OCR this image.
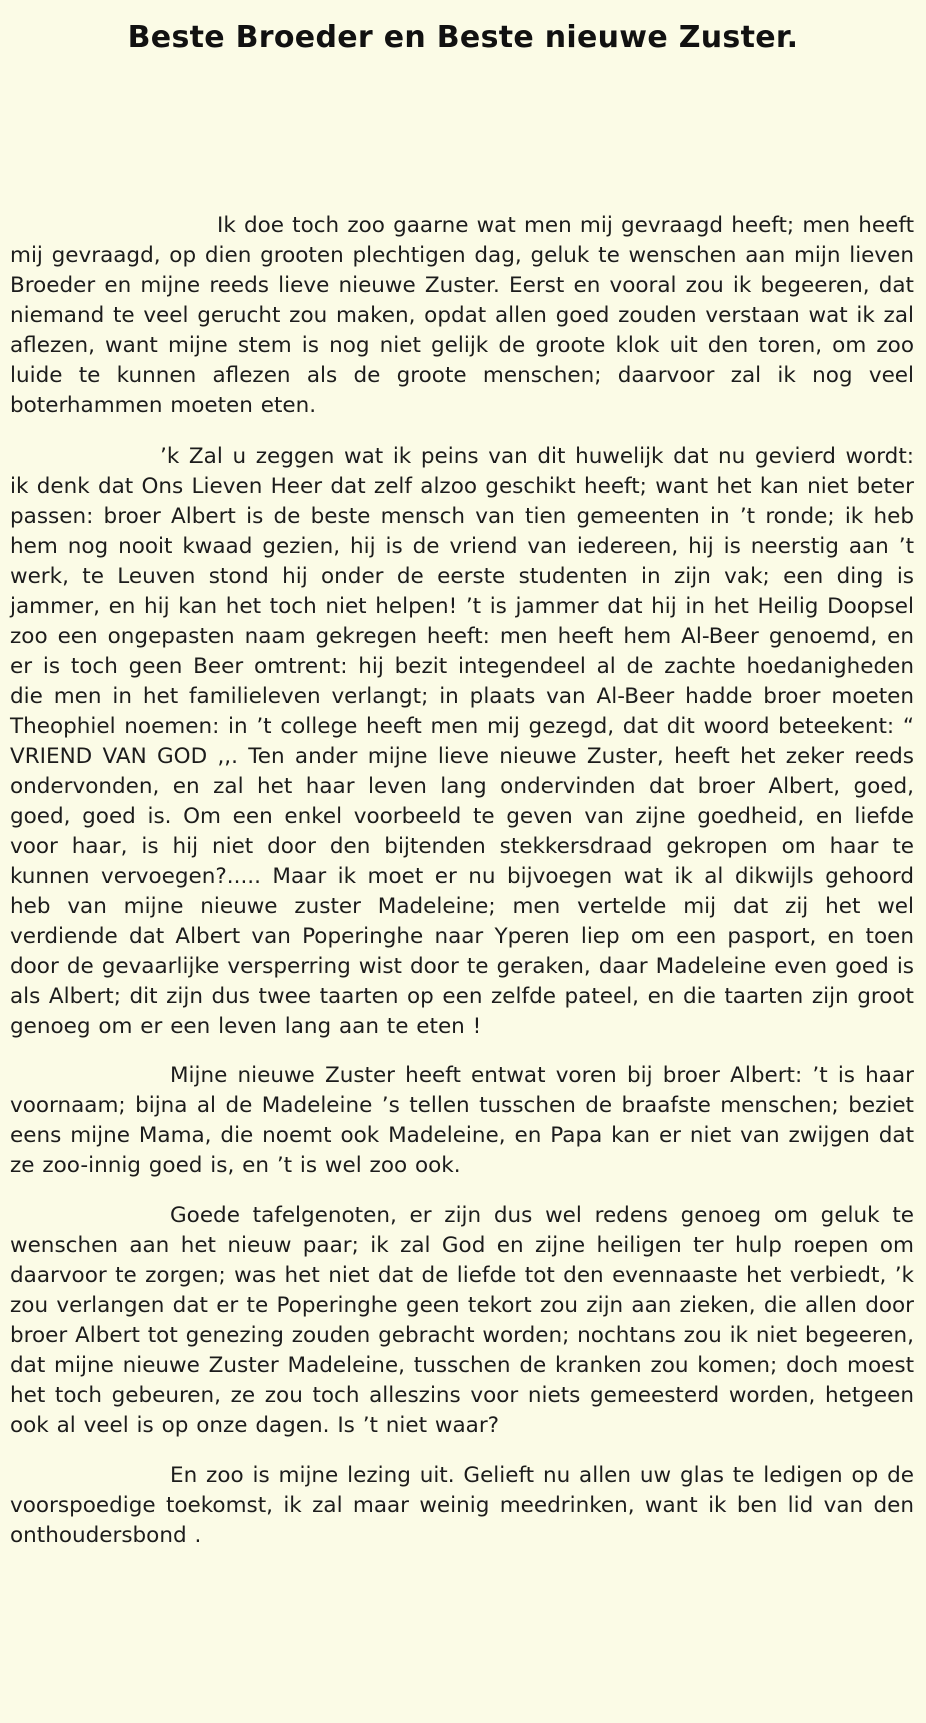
Beste Broeder en Beste nieuwe Zuster.

Ik doe toch zoo gaarne wat men mij gevraagd heeft; men heeft mij gevraagd, op dien grooten plechtigen dag, geluk te wenschen aan mijn lieven Broeder en mijne reeds lieve nieuwe Zuster. Eerst en vooral zou ik begeeren, dat niemand te veel gerucht zou maken, opdat allen goed zouden verstaan wat ik zal aflezen, want mijne stem is nog niet gelijk de groote klok uit den toren, om zoo luide te kunnen aflezen als de groote menschen; daarvoor zal ik nog veel boterhammen moeten eten.

’k Zal u zeggen wat ik peins van dit huwelijk dat nu gevierd wordt: ik denk dat Ons Lieven Heer dat zelf alzoo geschikt heeft; want het kan niet beter passen: broer Albert is de beste mensch van tien gemeenten in ’t ronde; ik heb hem nog nooit kwaad gezien, hij is de vriend van iedereen, hij is neerstig aan ’t werk, te Leuven stond hij onder de eerste studenten in zijn vak; een ding is jammer, en hij kan het toch niet helpen! ’t is jammer dat hij in het Heilig Doopsel zoo een ongepasten naam gekregen heeft: men heeft hem Al-Beer genoemd, en er is toch geen Beer omtrent: hij bezit integendeel al de zachte hoedanigheden die men in het familieleven verlangt; in plaats van Al-Beer hadde broer moeten Theophiel noemen: in ’t college heeft men mij gezegd, dat dit woord beteekent: “ VRIEND VAN GOD ,,. Ten ander mijne lieve nieuwe Zuster, heeft het zeker reeds ondervonden, en zal het haar leven lang ondervinden dat broer Albert, goed, goed, goed is. Om een enkel voorbeeld te geven van zijne goedheid, en liefde voor haar, is hij niet door den bijtenden stekkersdraad gekropen om haar te kunnen vervoegen?..... Maar ik moet er nu bijvoegen wat ik al dikwijls gehoord heb van mijne nieuwe zuster Madeleine; men vertelde mij dat zij het wel verdiende dat Albert van Poperinghe naar Yperen liep om een pasport, en toen door de gevaarlijke versperring wist door te geraken, daar Madeleine even goed is als Albert; dit zijn dus twee taarten op een zelfde pateel, en die taarten zijn groot genoeg om er een leven lang aan te eten !

Mijne nieuwe Zuster heeft entwat voren bij broer Albert: ’t is haar voornaam; bijna al de Madeleine ’s tellen tusschen de braafste menschen; beziet eens mijne Mama, die noemt ook Madeleine, en Papa kan er niet van zwijgen dat ze zoo-innig goed is, en ’t is wel zoo ook.

Goede tafelgenoten, er zijn dus wel redens genoeg om geluk te wenschen aan het nieuw paar; ik zal God en zijne heiligen ter hulp roepen om daarvoor te zorgen; was het niet dat de liefde tot den evennaaste het verbiedt, ’k zou verlangen dat er te Poperinghe geen tekort zou zijn aan zieken, die allen door broer Albert tot genezing zouden gebracht worden; nochtans zou ik niet begeeren, dat mijne nieuwe Zuster Madeleine, tusschen de kranken zou komen; doch moest het toch gebeuren, ze zou toch alleszins voor niets gemeesterd worden, hetgeen ook al veel is op onze dagen. Is ’t niet waar?

En zoo is mijne lezing uit. Gelieft nu allen uw glas te ledigen op de voorspoedige toekomst, ik zal maar weinig meedrinken, want ik ben lid van den onthoudersbond .
